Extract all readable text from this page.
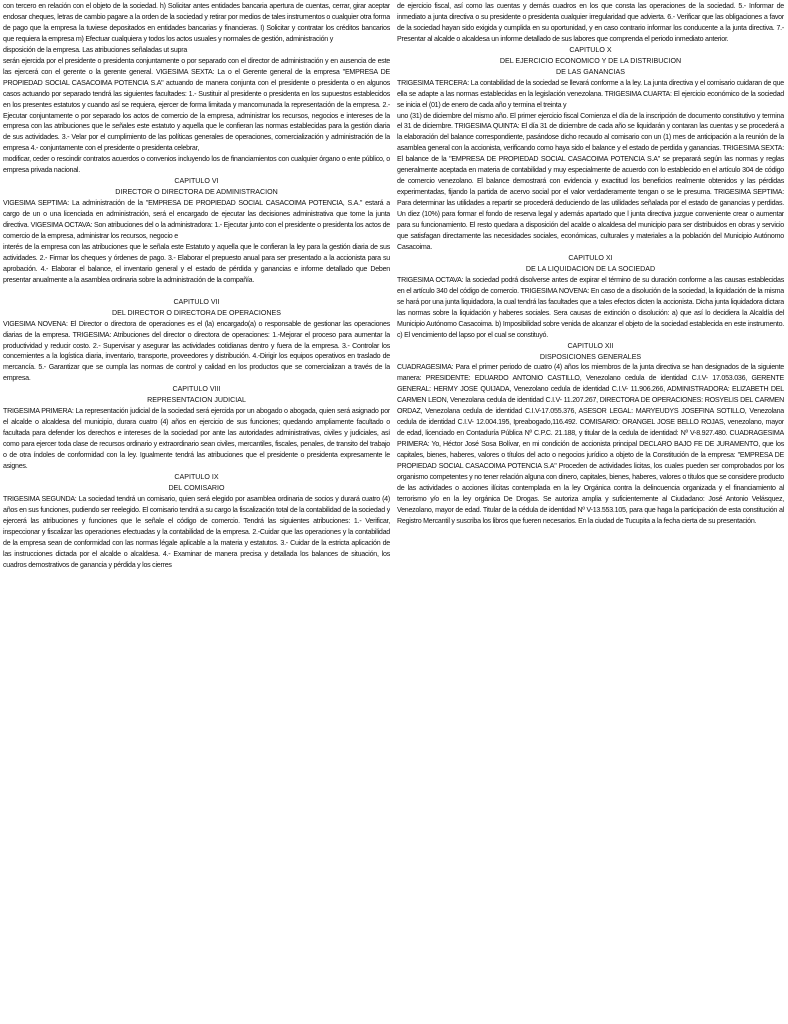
con tercero en relación con el objeto de la sociedad. h) Solicitar antes entidades bancaria apertura de cuentas, cerrar, girar aceptar endosar cheques, letras de cambio pagare a la orden de la sociedad y retirar por medios de tales instrumentos o cualquier otra forma de pago que la empresa la tuviese depositados en entidades bancarias y financieras. I) Solicitar y contratar los créditos bancarios que requiera la empresa m) Efectuar cualquiera y todos los actos usuales y normales de gestión, administración y

disposición de la empresa. Las atribuciones señaladas ut supra

serán ejercida por el presidente o presidenta conjuntamente o por separado con el director de administración y en ausencia de este las ejercerá con el gerente o la gerente general. VIGESIMA SEXTA: La o el Gerente general de la empresa "EMPRESA DE PROPIEDAD SOCIAL CASACOIMA POTENCIA S.A" actuando de manera conjunta con el presidente o presidenta o en algunos casos actuando por separado tendrá las siguientes facultades: 1.- Sustituir al presidente o presidenta en los supuestos establecidos en los presentes estatutos y cuando así se requiera, ejercer de forma limitada y mancomunada la representación de la empresa. 2.- Ejecutar conjuntamente o por separado los actos de comercio de la empresa, administrar los recursos, negocios e intereses de la empresa con las atribuciones que le señales este estatuto y aquella que le confieran las normas establecidas para la gestión diaria de sus actividades. 3.- Velar por el cumplimiento de las políticas generales de operaciones, comercialización y administración de la empresa 4.- conjuntamente con el presidente o presidenta celebrar,

modificar, ceder o rescindir contratos acuerdos o convenios incluyendo los de financiamientos con cualquier órgano o ente público, o empresa privada nacional.

CAPITULO VI
DIRECTOR O DIRECTORA DE ADMINISTRACION

VIGESIMA SEPTIMA: La administración de la "EMPRESA DE PROPIEDAD SOCIAL CASACOIMA POTENCIA, S.A." estará a cargo de un o una licenciada en administración, será el encargado de ejecutar las decisiones administrativa que tome la junta directiva. VIGESIMA OCTAVA: Son atribuciones del o la administradora: 1.- Ejecutar junto con el presidente o presidenta los actos de comercio de la empresa, administrar los recursos, negocio e

interés de la empresa con las atribuciones que le señala este Estatuto y aquella que le confieran la ley para la gestión diaria de sus actividades. 2.- Firmar los cheques y órdenes de pago. 3.- Elaborar el prepuesto anual para ser presentado a la accionista para su aprobación. 4.- Elaborar el balance, el inventario general y el estado de pérdida y ganancias e informe detallado que Deben presentar anualmente a la asamblea ordinaria sobre la administración de la compañía.

CAPITULO VII
DEL DIRECTOR O DIRECTORA DE OPERACIONES

VIGESIMA NOVENA: El Director o directora de operaciones es el (la) encargado(a) o responsable de gestionar las operaciones diarias de la empresa. TRIGESIMA: Atribuciones del director o directora de operaciones: 1.-Mejorar el proceso para aumentar la productividad y reducir costo. 2.- Supervisar y asegurar las actividades cotidianas dentro y fuera de la empresa. 3.- Controlar los concernientes a la logística diaria, inventario, transporte, proveedores y distribución. 4.-Dirigir los equipos operativos en traslado de mercancía. 5.- Garantizar que se cumpla las normas de control y calidad en los productos que se comercializan a través de la empresa.

CAPITULO VIII
REPRESENTACION JUDICIAL

TRIGESIMA PRIMERA: La representación judicial de la sociedad será ejercida por un abogado o abogada, quien será asignado por el alcalde o alcaldesa del municipio, durara cuatro (4) años en ejercicio de sus funciones; quedando ampliamente facultado o facultada para defender los derechos e intereses de la sociedad por ante las autoridades administrativas, civiles y judiciales, así como para ejercer toda clase de recursos ordinario y extraordinario sean civiles, mercantiles, fiscales, penales, de transito del trabajo o de otra índoles de conformidad con la ley. Igualmente tendrá las atribuciones que el presidente o presidenta expresamente le asignes.

CAPITULO IX
DEL COMISARIO

TRIGESIMA SEGUNDA: La sociedad tendrá un comisario, quien será elegido por asamblea ordinaria de socios y durará cuatro (4) años en sus funciones, pudiendo ser reelegido. El comisario tendrá a su cargo la fiscalización total de la contabilidad de la sociedad y ejercerá las atribuciones y funciones que le señale el código de comercio. Tendrá las siguientes atribuciones: 1.- Verificar, inspeccionar y fiscalizar las operaciones efectuadas y la contabilidad de la empresa. 2.-Cuidar que las operaciones y la contabilidad de la empresa sean de conformidad con las normas légale aplicable a la materia y estatutos. 3.- Cuidar de la estricta aplicación de las instrucciones dictada por el alcalde o alcaldesa. 4.- Examinar de manera precisa y detallada los balances de situación, los cuadros demostrativos de ganancia y pérdida y los cierres

de ejercicio fiscal, así como las cuentas y demás cuadros en los que consta las operaciones de la sociedad. 5.- Informar de inmediato a junta directiva o su presidente o presidenta cualquier irregularidad que advierta. 6.- Verificar que las obligaciones a favor de la sociedad hayan sido exigida y cumplida en su oportunidad, y en caso contrario informar los conducente a la junta directiva. 7.- Presentar al alcalde o alcaldesa un informe detallado de sus labores que comprenda el periodo inmediato anterior.

CAPITULO X
DEL EJERCICIO ECONOMICO Y DE LA DISTRIBUCION
DE LAS GANANCIAS

TRIGESIMA TERCERA: La contabilidad de la sociedad se llevará conforme a la ley. La junta directiva y el comisario cuidaran de que ella se adapte a las normas establecidas en la legislación venezolana. TRIGESIMA CUARTA: El ejercicio económico de la sociedad se inicia el (01) de enero de cada año y termina el treinta y

uno (31) de diciembre del mismo año. El primer ejercicio fiscal Comienza el día de la inscripción de documento constitutivo y termina el 31 de diciembre. TRIGESIMA QUINTA: El día 31 de diciembre de cada año se liquidarán y contaran las cuentas y se procederá a la elaboración del balance correspondiente, pasándose dicho recaudo al comisario con un (1) mes de anticipación a la reunión de la asamblea general con la accionista, verificando como haya sido el balance y el estado de perdida y ganancias. TRIGESIMA SEXTA: El balance de la "EMPRESA DE PROPIEDAD SOCIAL CASACOIMA POTENCIA S.A" se preparará según las normas y reglas generalmente aceptada en materia de contabilidad y muy especialmente de acuerdo con lo establecido en el artículo 304 de código de comercio venezolano. El balance demostrará con evidencia y exactitud los beneficios realmente obtenidos y las pérdidas experimentadas, fijando la partida de acervo social por el valor verdaderamente tengan o se le presuma. TRIGESIMA SEPTIMA: Para determinar las utilidades a repartir se procederá deduciendo de las utilidades señalada por el estado de ganancias y perdidas. Un diez (10%) para formar el fondo de reserva legal y además apartado que l junta directiva juzgue conveniente crear o aumentar para su funcionamiento. El resto quedara a disposición del acalde o alcaldesa del municipio para ser distribuidos en obras y servicio que satisfagan directamente las necesidades sociales, económicas, culturales y materiales a la población del Municipio Autónomo Casacoima.

CAPITULO XI
DE LA LIQUIDACION DE LA SOCIEDAD

TRIGESIMA OCTAVA: la sociedad podrá disolverse antes de expirar el término de su duración conforme a las causas establecidas en el artículo 340 del código de comercio. TRIGESIMA NOVENA: En caso de a disolución de la sociedad, la liquidación de la misma se hará por una junta liquidadora, la cual tendrá las facultades que a tales efectos dicten la accionista. Dicha junta liquidadora dictara las normas sobre la liquidación y haberes sociales. Sera causas de extinción o disolución: a) que así lo decidiera la Alcaldía del Municipio Autónomo Casacoima. b) Imposibilidad sobre venida de alcanzar el objeto de la sociedad establecida en este instrumento. c) El vencimiento del lapso por el cual se constituyó.

CAPITULO XII
DISPOSICIONES GENERALES

CUADRAGESIMA: Para el primer periodo de cuatro (4) años los miembros de la junta directiva se han designados de la siguiente manera: PRESIDENTE: EDUARDO ANTONIO CASTILLO, Venezolano cedula de identidad C.I.V- 17.053.036, GERENTE GENERAL: HERMY JOSE QUIJADA, Venezolano cedula de identidad C.I.V- 11.906.266, ADMINISTRADORA: ELIZABETH DEL CARMEN LEON, Venezolana cedula de identidad C.I.V- 11.207.267, DIRECTORA DE OPERACIONES: ROSYELIS DEL CARMEN ORDAZ, Venezolana cedula de identidad C.I.V-17.055.376, ASESOR LEGAL: MARYEUDYS JOSEFINA SOTILLO, Venezolana cedula de identidad C.I.V- 12.004.195, Ipreabogado,116.492. COMISARIO: ORANGEL JOSE BELLO ROJAS, venezolano, mayor de edad, licenciado en Contaduría Pública Nº C.P.C. 21.188, y titular de la cedula de identidad: Nº V-8.927.480. CUADRAGESIMA PRIMERA: Yo, Héctor José Sosa Bolívar, en mi condición de accionista principal DECLARO BAJO FE DE JURAMENTO, que los capitales, bienes, haberes, valores o títulos del acto o negocios jurídico a objeto de la Constitución de la empresa: "EMPRESA DE PROPIEDAD SOCIAL CASACOIMA POTENCIA S.A" Proceden de actividades licitas, los cuales pueden ser comprobados por los organismo competentes y no tener relación alguna con dinero, capitales, bienes, haberes, valores o títulos que se considere producto de las actividades o acciones ilícitas contemplada en la ley Orgánica contra la delincuencia organizada y el financiamiento al terrorismo y/o en la ley orgánica De Drogas. Se autoriza amplia y suficientemente al Ciudadano: José Antonio Velásquez, Venezolano, mayor de edad. Titular de la cédula de identidad Nº V-13.553.105, para que haga la participación de esta constitución al Registro Mercantil y suscriba los libros que fueren necesarios. En la ciudad de Tucupita a la fecha cierta de su presentación.
